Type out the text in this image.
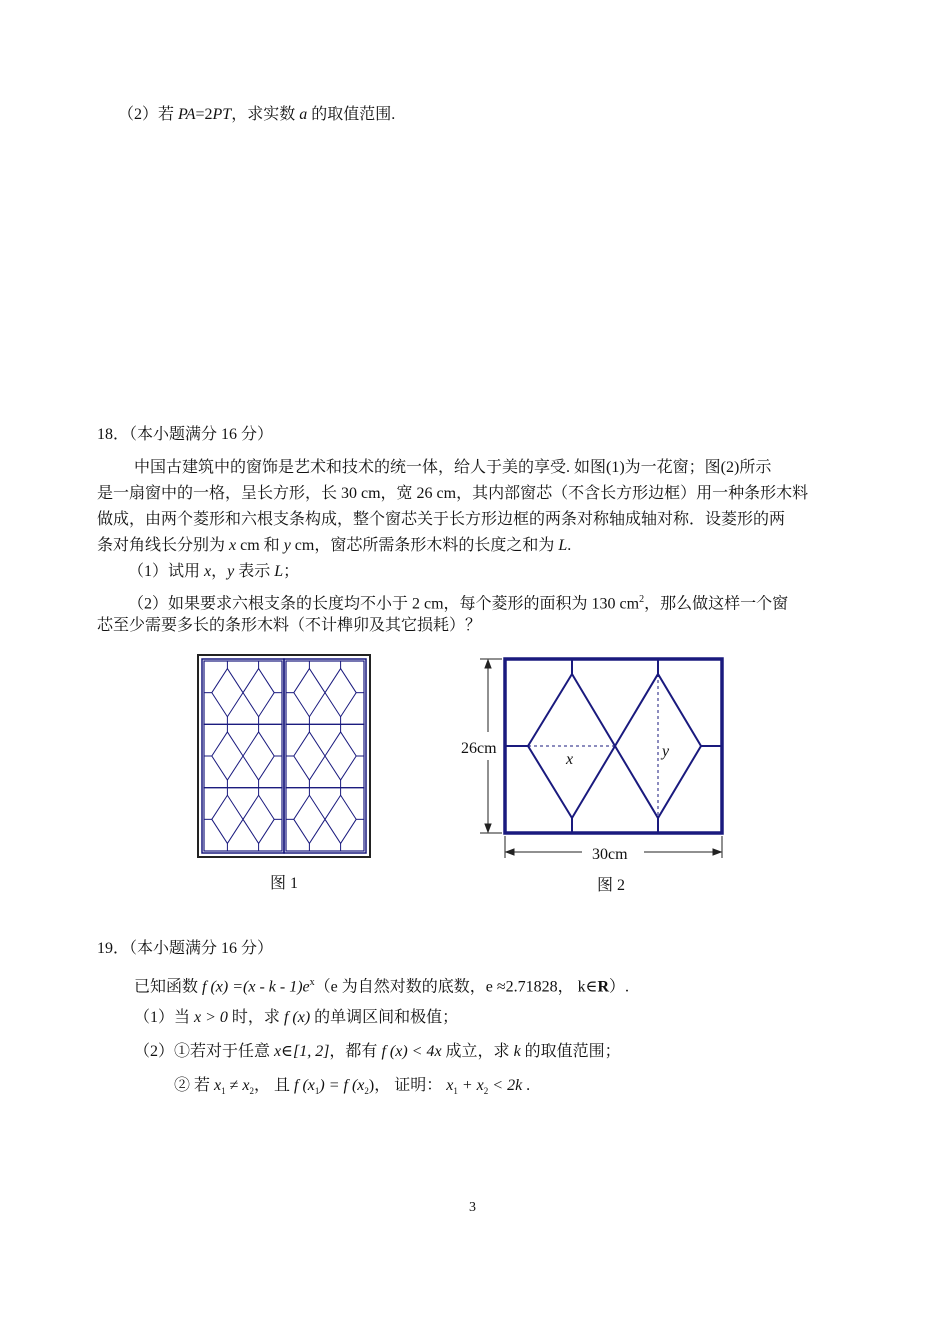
（2）若 PA=2PT，求实数 a 的取值范围.
18．（本小题满分 16 分）
中国古建筑中的窗饰是艺术和技术的统一体，给人于美的享受. 如图(1)为一花窗；图(2)所示
是一扇窗中的一格，呈长方形，长 30 cm，宽 26 cm，其内部窗芯（不含长方形边框）用一种条形木料
做成，由两个菱形和六根支条构成，整个窗芯关于长方形边框的两条对称轴成轴对称．设菱形的两
条对角线长分别为 x cm 和 y cm，窗芯所需条形木料的长度之和为 L.
（1）试用 x，y 表示 L；
（2）如果要求六根支条的长度均不小于 2 cm，每个菱形的面积为 130 $cm^2$，那么做这样一个窗
芯至少需要多长的条形木料（不计榫卯及其它损耗）？
图 1
26cm
30cm
x	y
图 2
19．（本小题满分 16 分）
已知函数 f $(x) =(x - k - 1)e^x(e$ 为自然对数的底数，e ≈2.71828， k∈R）.
（1）当 x > 0 时，求 f (x) 的单调区间和极值；
（2）①若对于任意 x∈[1, 2]，都有 f (x) < 4x 成立，求 k 的取值范围；
② 若 $x_1 \ne x_2$， 且 f $(x_1) = f$ $(x_2)$， 证明： $x_1 + x_2 < 2k$ .
3
